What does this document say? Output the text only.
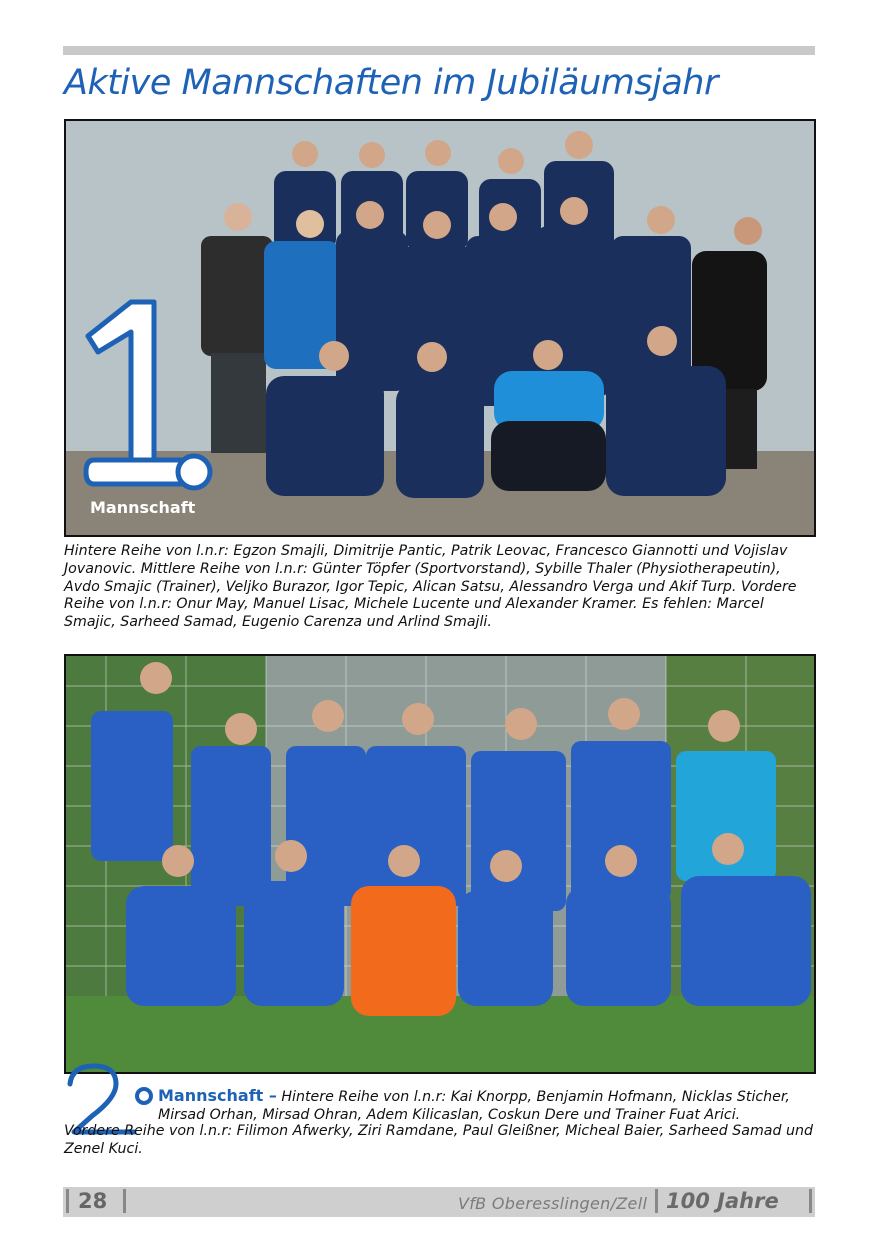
Aktive Mannschaften im Jubiläumsjahr
Mannschaft
Hintere Reihe von l.n.r: Egzon Smajli, Dimitrije Pantic, Patrik Leovac, Francesco Giannotti und Vojislav Jovanovic. Mittlere Reihe von l.n.r: Günter Töpfer (Sportvorstand), Sybille Thaler (Physiotherapeutin), Avdo Smajic (Trainer), Veljko Burazor, Igor Tepic, Alican Satsu, Alessandro Verga und Akif Turp. Vordere Reihe von l.n.r: Onur May, Manuel Lisac, Michele Lucente und Alexander Kramer. Es fehlen: Marcel Smajic, Sarheed Samad, Eugenio Carenza und Arlind Smajli.
Mannschaft – Hintere Reihe von l.n.r: Kai Knorpp, Benjamin Hofmann, Nicklas Sticher, Mirsad Orhan, Mirsad Ohran, Adem Kilicaslan, Coskun Dere und Trainer Fuat Arici.
Vordere Reihe von l.n.r: Filimon Afwerky, Ziri Ramdane, Paul Gleißner, Micheal Baier, Sarheed Samad und Zenel Kuci.
28	VfB Oberesslingen/Zell 100 Jahre
